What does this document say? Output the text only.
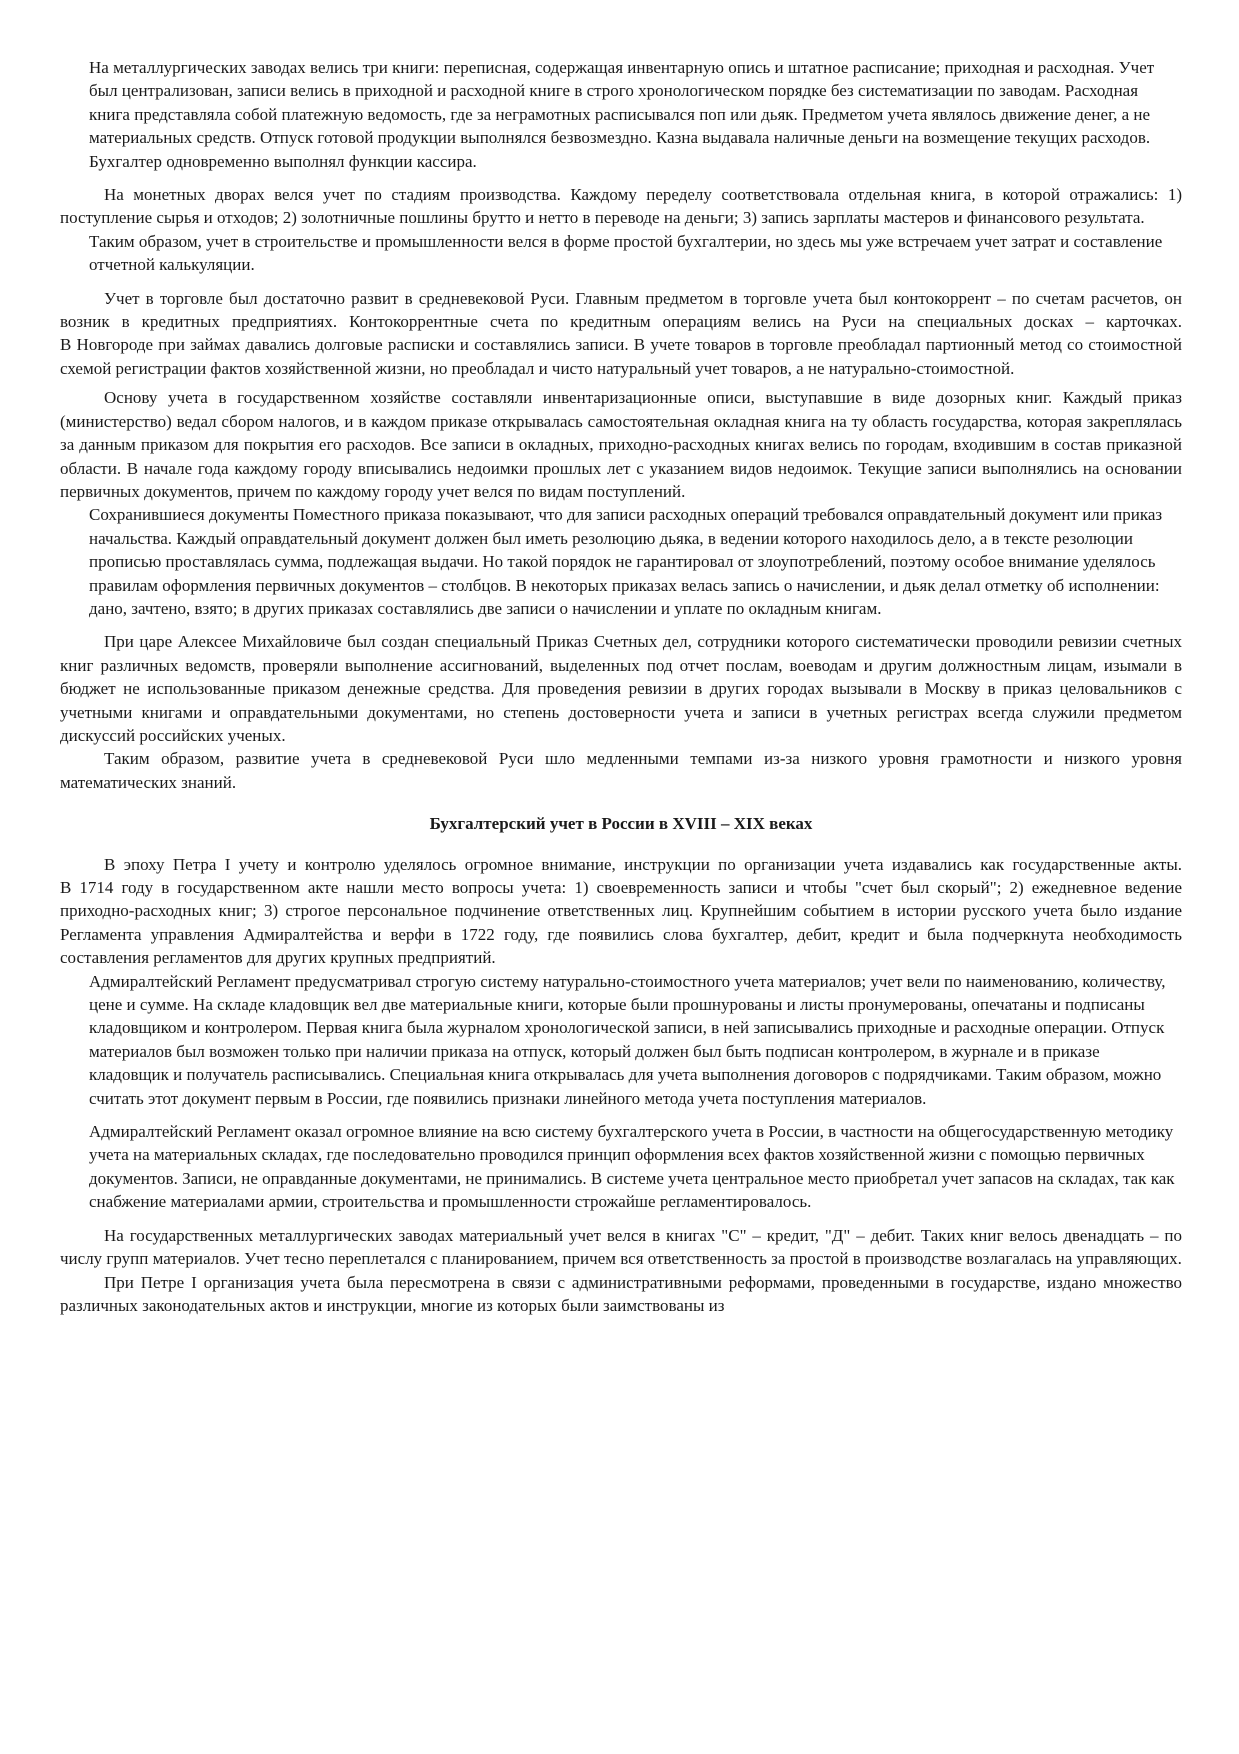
На металлургических заводах велись три книги: переписная, содержащая инвентарную опись и штатное расписание; приходная и расходная. Учет был централизован, записи велись в приходной и расходной книге в строго хронологическом порядке без систематизации по заводам. Расходная книга представляла собой платежную ведомость, где за неграмотных расписывался поп или дьяк. Предметом учета являлось движение денег, а не материальных средств. Отпуск готовой продукции выполнялся безвозмездно. Казна выдавала наличные деньги на возмещение текущих расходов. Бухгалтер одновременно выполнял функции кассира.

На монетных дворах велся учет по стадиям производства. Каждому переделу соответствовала отдельная книга, в которой отражались: 1) поступление сырья и отходов; 2) золотничные пошлины брутто и нетто в переводе на деньги; 3) запись зарплаты мастеров и финансового результата.

Таким образом, учет в строительстве и промышленности велся в форме простой бухгалтерии, но здесь мы уже встречаем учет затрат и составление отчетной калькуляции.

Учет в торговле был достаточно развит в средневековой Руси. Главным предметом в торговле учета был контокоррент – по счетам расчетов, он возник в кредитных предприятиях. Контокоррентные счета по кредитным операциям велись на Руси на специальных досках – карточках.

В Новгороде при займах давались долговые расписки и составлялись записи. В учете товаров в торговле преобладал партионный метод со стоимостной схемой регистрации фактов хозяйственной жизни, но преобладал и чисто натуральный учет товаров, а не натурально-стоимостной.

Основу учета в государственном хозяйстве составляли инвентаризационные описи, выступавшие в виде дозорных книг. Каждый приказ (министерство) ведал сбором налогов, и в каждом приказе открывалась самостоятельная окладная книга на ту область государства, которая закреплялась за данным приказом для покрытия его расходов. Все записи в окладных, приходно-расходных книгах велись по городам, входившим в состав приказной области. В начале года каждому городу вписывались недоимки прошлых лет с указанием видов недоимок. Текущие записи выполнялись на основании первичных документов, причем по каждому городу учет велся по видам поступлений.

Сохранившиеся документы Поместного приказа показывают, что для записи расходных операций требовался оправдательный документ или приказ начальства. Каждый оправдательный документ должен был иметь резолюцию дьяка, в ведении которого находилось дело, а в тексте резолюции прописью проставлялась сумма, подлежащая выдачи. Но такой порядок не гарантировал от злоупотреблений, поэтому особое внимание уделялось правилам оформления первичных документов – столбцов. В некоторых приказах велась запись о начислении, и дьяк делал отметку об исполнении: дано, зачтено, взято; в других приказах составлялись две записи о начислении и уплате по окладным книгам.

При царе Алексее Михайловиче был создан специальный Приказ Счетных дел, сотрудники которого систематически проводили ревизии счетных книг различных ведомств, проверяли выполнение ассигнований, выделенных под отчет послам, воеводам и другим должностным лицам, изымали в бюджет не использованные приказом денежные средства. Для проведения ревизии в других городах вызывали в Москву в приказ целовальников с учетными книгами и оправдательными документами, но степень достоверности учета и записи в учетных регистрах всегда служили предметом дискуссий российских ученых.

Таким образом, развитие учета в средневековой Руси шло медленными темпами из-за низкого уровня грамотности и низкого уровня математических знаний.

Бухгалтерский учет в России в XVIII – XIX веках

В эпоху Петра I учету и контролю уделялось огромное внимание, инструкции по организации учета издавались как государственные акты.

В 1714 году в государственном акте нашли место вопросы учета: 1) своевременность записи и чтобы "счет был скорый"; 2) ежедневное ведение приходно-расходных книг; 3) строгое персональное подчинение ответственных лиц. Крупнейшим событием в истории русского учета было издание Регламента управления Адмиралтейства и верфи в 1722 году, где появились слова бухгалтер, дебит, кредит и была подчеркнута необходимость составления регламентов для других крупных предприятий.

Адмиралтейский Регламент предусматривал строгую систему натурально-стоимостного учета материалов; учет вели по наименованию, количеству, цене и сумме. На складе кладовщик вел две материальные книги, которые были прошнурованы и листы пронумерованы, опечатаны и подписаны кладовщиком и контролером. Первая книга была журналом хронологической записи, в ней записывались приходные и расходные операции. Отпуск материалов был возможен только при наличии приказа на отпуск, который должен был быть подписан контролером, в журнале и в приказе кладовщик и получатель расписывались. Специальная книга открывалась для учета выполнения договоров с подрядчиками. Таким образом, можно считать этот документ первым в России, где появились признаки линейного метода учета поступления материалов.

Адмиралтейский Регламент оказал огромное влияние на всю систему бухгалтерского учета в России, в частности на общегосударственную методику учета на материальных складах, где последовательно проводился принцип оформления всех фактов хозяйственной жизни с помощью первичных документов. Записи, не оправданные документами, не принимались. В системе учета центральное место приобретал учет запасов на складах, так как снабжение материалами армии, строительства и промышленности строжайше регламентировалось.

На государственных металлургических заводах материальный учет велся в книгах "С" – кредит, "Д" – дебит. Таких книг велось двенадцать – по числу групп материалов. Учет тесно переплетался с планированием, причем вся ответственность за простой в производстве возлагалась на управляющих.

При Петре I организация учета была пересмотрена в связи с административными реформами, проведенными в государстве, издано множество различных законодательных актов и инструкции, многие из которых были заимствованы из
